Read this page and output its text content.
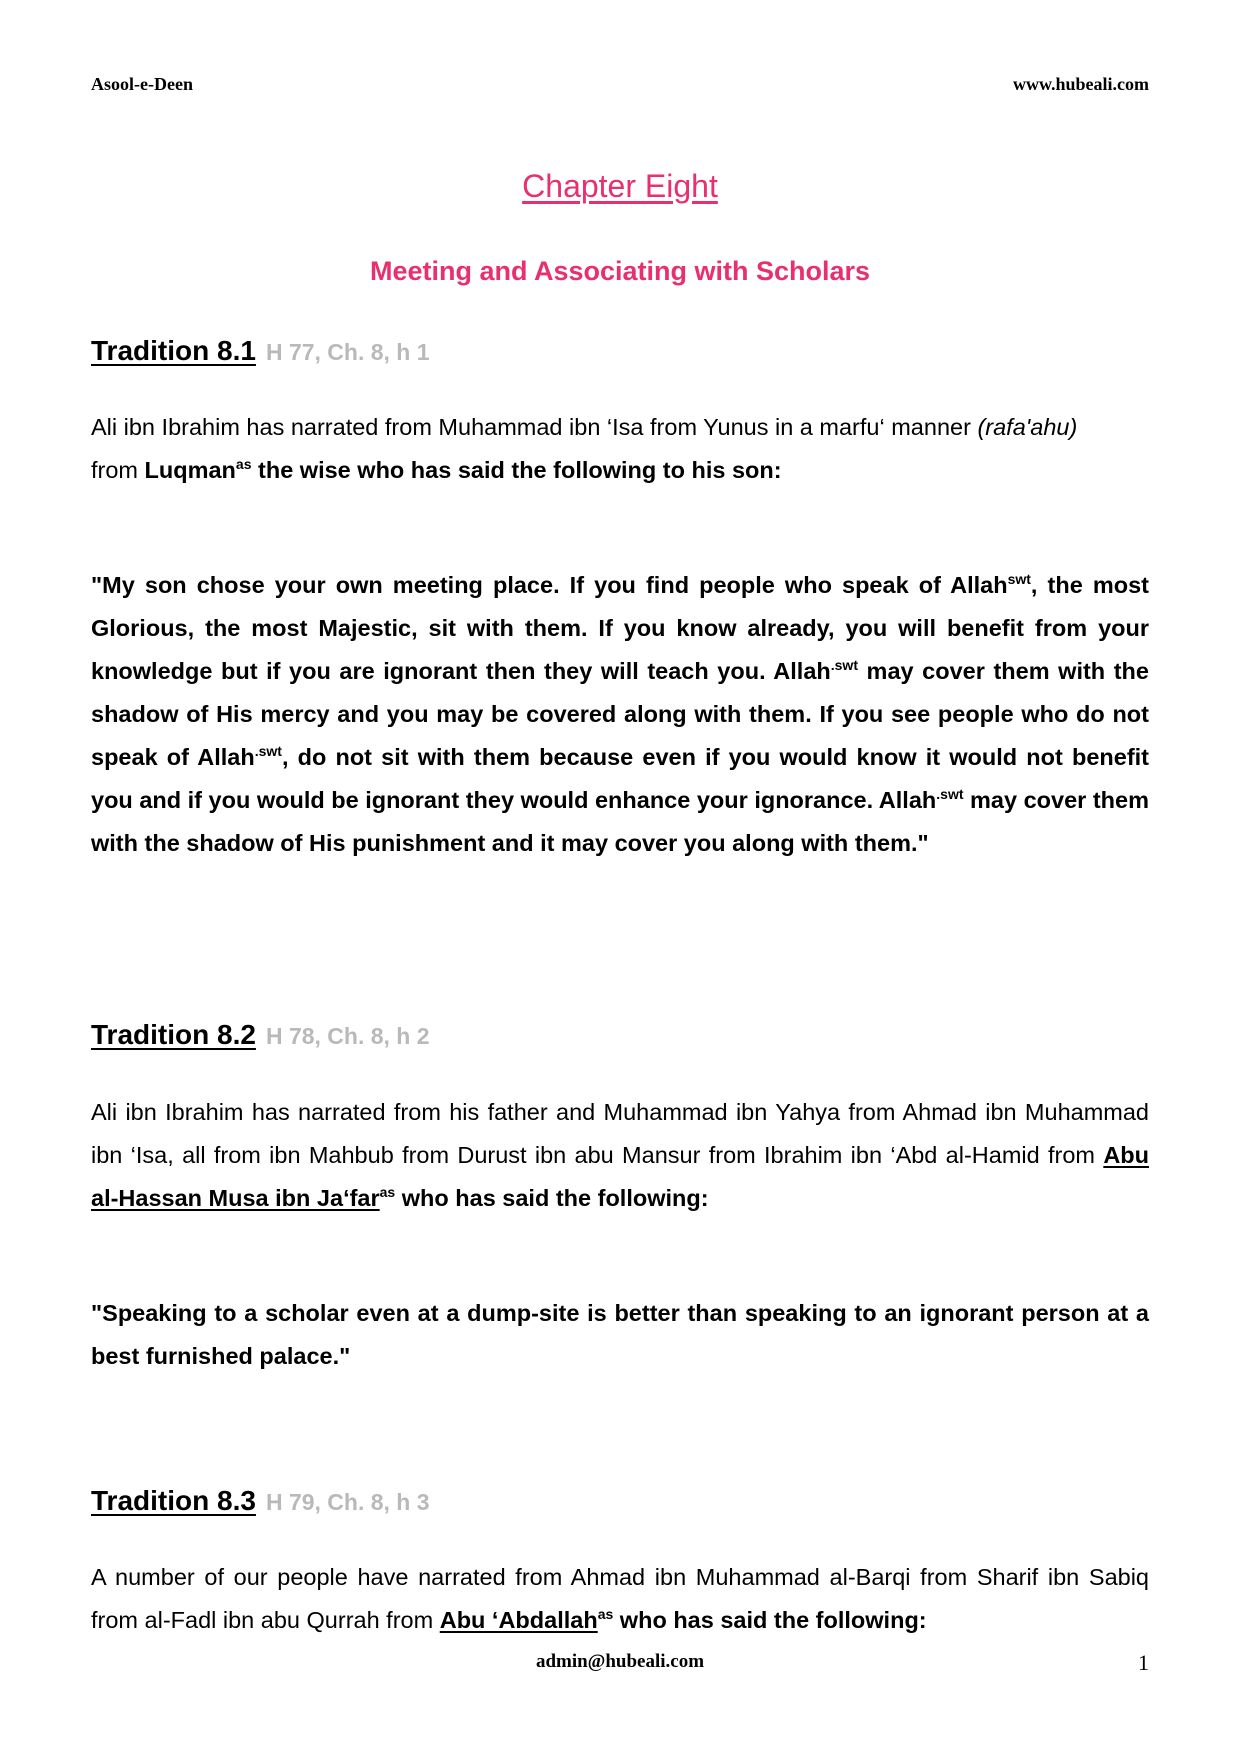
Asool-e-Deen	www.hubeali.com
Chapter Eight
Meeting and Associating with Scholars
Tradition 8.1 H 77, Ch. 8, h 1
Ali ibn Ibrahim has narrated from Muhammad ibn ‘Isa from Yunus in a marfu‘ manner (rafa'ahu)
from Luqman$^{as}$ the wise who has said the following to his son:
"My son chose your own meeting place. If you find people who speak of Allah$^{swt}$, the most Glorious, the most Majestic, sit with them. If you know already, you will benefit from your knowledge but if you are ignorant then they will teach you. Allah$^{.swt}$ may cover them with the shadow of His mercy and you may be covered along with them. If you see people who do not speak of Allah$^{.swt}$, do not sit with them because even if you would know it would not benefit you and if you would be ignorant they would enhance your ignorance. Allah$^{.swt}$ may cover them with the shadow of His punishment and it may cover you along with them."
Tradition 8.2 H 78, Ch. 8, h 2
Ali ibn Ibrahim has narrated from his father and Muhammad ibn Yahya from Ahmad ibn Muhammad ibn ‘Isa, all from ibn Mahbub from Durust ibn abu Mansur from Ibrahim ibn ‘Abd al-Hamid from Abu al-Hassan Musa ibn Ja‘far$^{as}$ who has said the following:
"Speaking to a scholar even at a dump-site is better than speaking to an ignorant person at a best furnished palace."
Tradition 8.3 H 79, Ch. 8, h 3
A number of our people have narrated from Ahmad ibn Muhammad al-Barqi from Sharif ibn Sabiq from al-Fadl ibn abu Qurrah from Abu ‘Abdallah$^{as}$ who has said the following:
admin@hubeali.com	1
